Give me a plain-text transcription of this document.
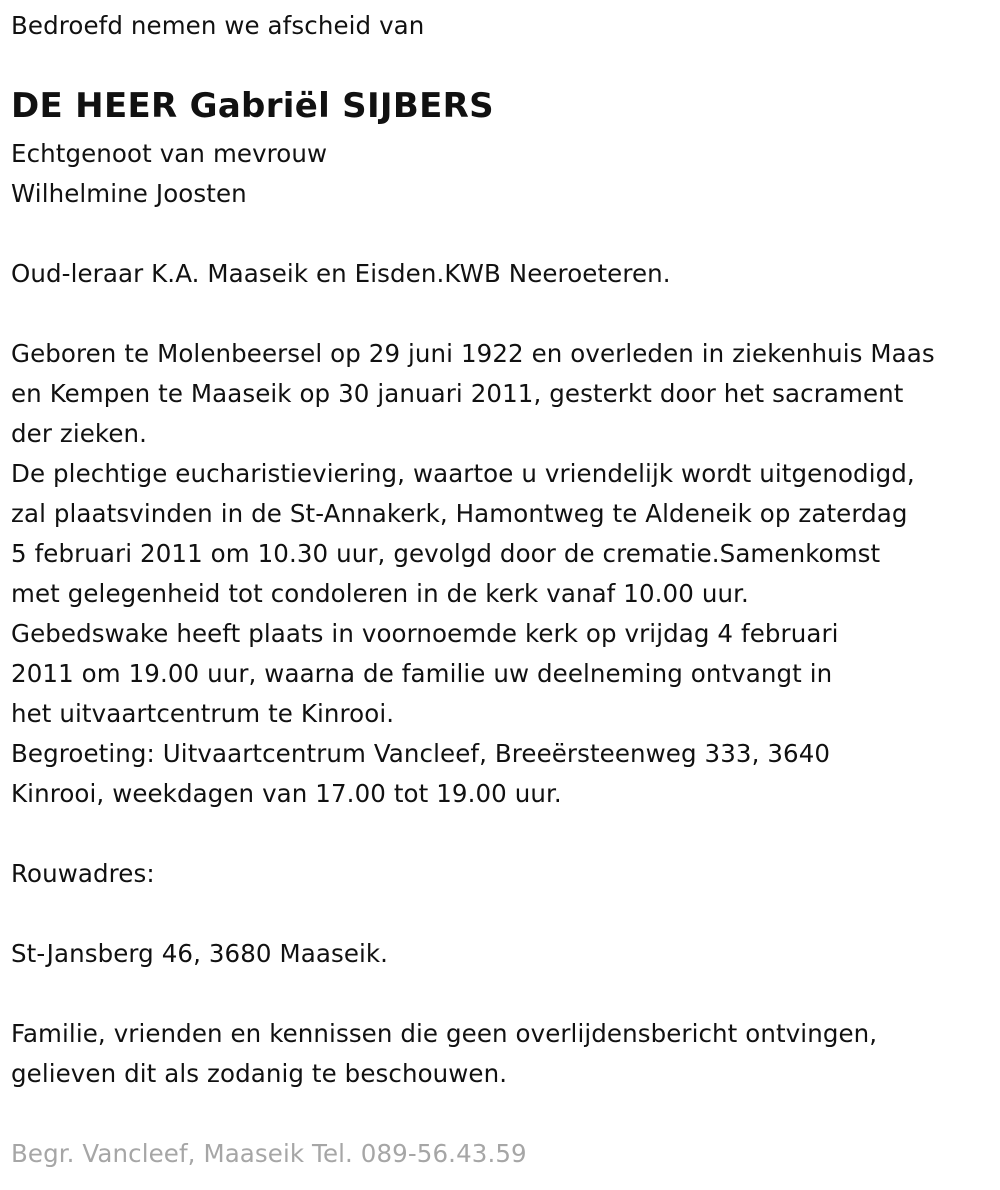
Bedroefd nemen we afscheid van
DE HEER Gabriël SIJBERS
Echtgenoot van mevrouw
Wilhelmine Joosten
Oud-leraar K.A. Maaseik en Eisden.KWB Neeroeteren.
Geboren te Molenbeersel op 29 juni 1922 en overleden in ziekenhuis Maas
en Kempen te Maaseik op 30 januari 2011, gesterkt door het sacrament
der zieken.
De plechtige eucharistieviering, waartoe u vriendelijk wordt uitgenodigd,
zal plaatsvinden in de St-Annakerk, Hamontweg te Aldeneik op zaterdag
5 februari 2011 om 10.30 uur, gevolgd door de crematie.Samenkomst
met gelegenheid tot condoleren in de kerk vanaf 10.00 uur.
Gebedswake heeft plaats in voornoemde kerk op vrijdag 4 februari
2011 om 19.00 uur, waarna de familie uw deelneming ontvangt in
het uitvaartcentrum te Kinrooi.
Begroeting: Uitvaartcentrum Vancleef, Breeërsteenweg 333, 3640
Kinrooi, weekdagen van 17.00 tot 19.00 uur.
Rouwadres:
St-Jansberg 46, 3680 Maaseik.
Familie, vrienden en kennissen die geen overlijdensbericht ontvingen,
gelieven dit als zodanig te beschouwen.
Begr. Vancleef, Maaseik Tel. 089-56.43.59
